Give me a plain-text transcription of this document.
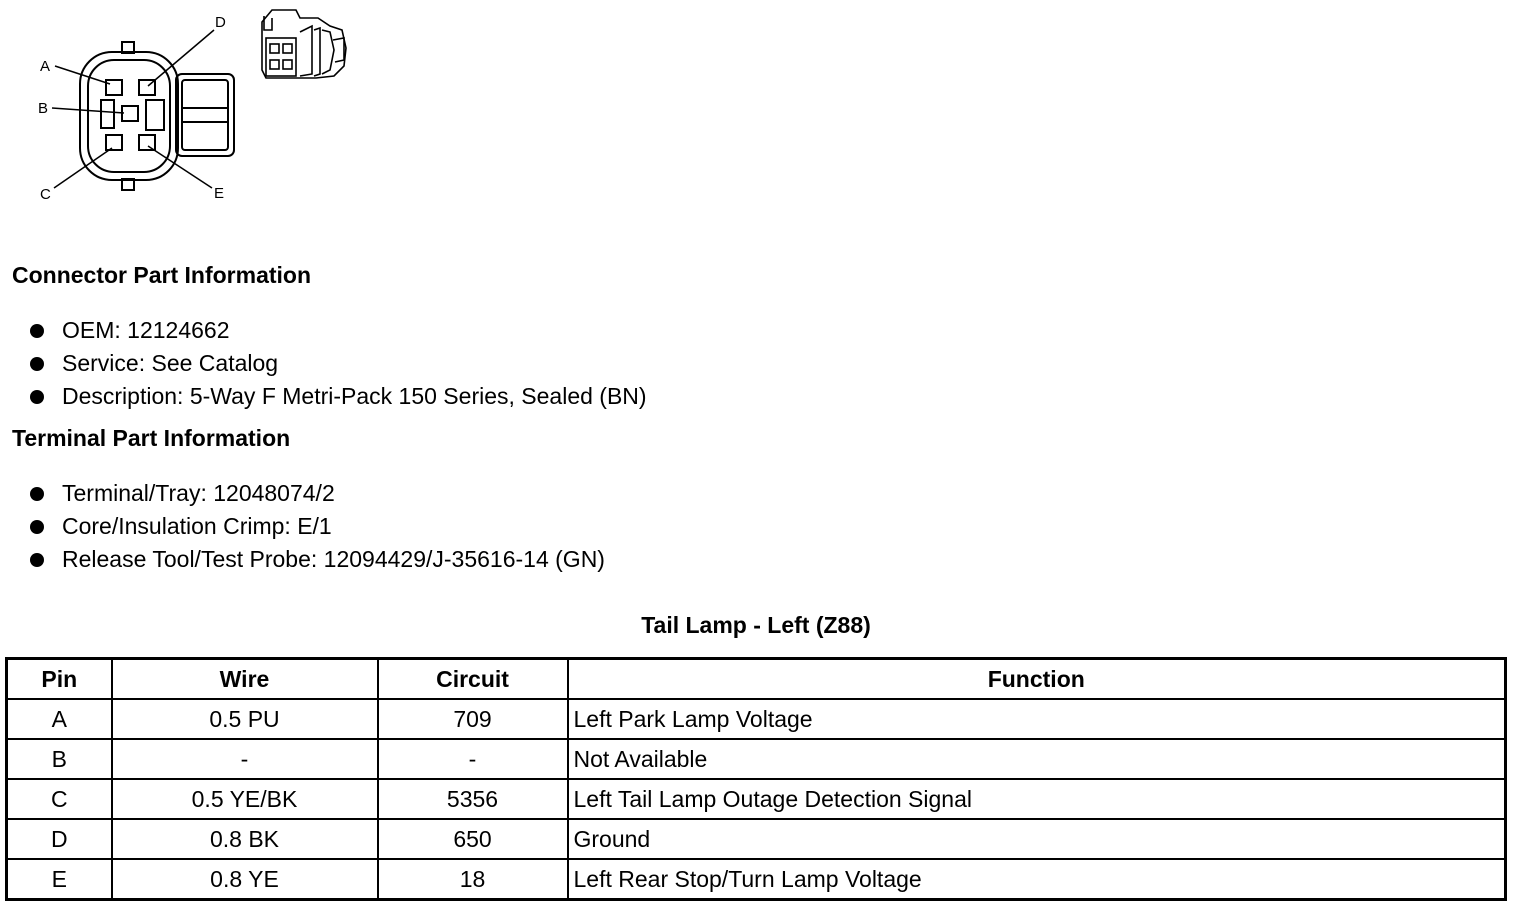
A
B
C
D
E
Connector Part Information
OEM: 12124662
Service: See Catalog
Description: 5-Way F Metri-Pack 150 Series, Sealed (BN)
Terminal Part Information
Terminal/Tray: 12048074/2
Core/Insulation Crimp: E/1
Release Tool/Test Probe: 12094429/J-35616-14 (GN)
Tail Lamp - Left (Z88)
Pin	Wire	Circuit	Function
A	0.5 PU	709	Left Park Lamp Voltage
B	-	-	Not Available
C	0.5 YE/BK	5356	Left Tail Lamp Outage Detection Signal
D	0.8 BK	650	Ground
E	0.8 YE	18	Left Rear Stop/Turn Lamp Voltage
